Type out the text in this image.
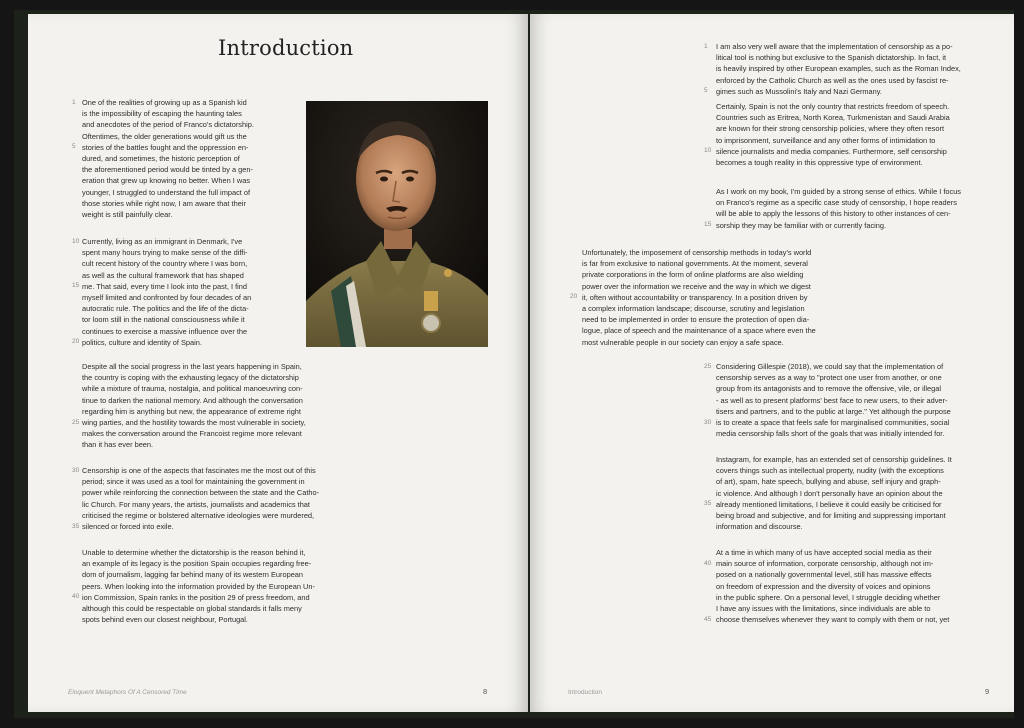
Introduction
One of the realities of growing up as a Spanish kid
is the impossibility of escaping the haunting tales
and anecdotes of the period of Franco's dictatorship.
Oftentimes, the older generations would gift us the
stories of the battles fought and the oppression en-
dured, and sometimes, the historic perception of
the aforementioned period would be tinted by a gen-
eration that grew up knowing no better. When I was
younger, I struggled to understand the full impact of
those stories while right now, I am aware that their
weight is still painfully clear.
Currently, living as an immigrant in Denmark, I've
spent many hours trying to make sense of the diffi-
cult recent history of the country where I was born,
as well as the cultural framework that has shaped
me. That said, every time I look into the past, I find
myself limited and confronted by four decades of an
autocratic rule. The politics and the life of the dicta-
tor loom still in the national consciousness while it
continues to exercise a massive influence over the
politics, culture and identity of Spain.
Despite all the social progress in the last years happening in Spain,
the country is coping with the exhausting legacy of the dictatorship
while a mixture of trauma, nostalgia, and political manoeuvring con-
tinue to darken the national memory. And although the conversation
regarding him is anything but new, the appearance of extreme right
wing parties, and the hostility towards the most vulnerable in society,
makes the conversation around the Francoist regime more relevant
than it has ever been.
Censorship is one of the aspects that fascinates me the most out of this
period; since it was used as a tool for maintaining the government in
power while reinforcing the connection between the state and the Catho-
lic Church. For many years, the artists, journalists and academics that
criticised the regime or bolstered alternative ideologies were murdered,
silenced or forced into exile.
Unable to determine whether the dictatorship is the reason behind it,
an example of its legacy is the position Spain occupies regarding free-
dom of journalism, lagging far behind many of its western European
peers. When looking into the information provided by the European Un-
ion Commission, Spain ranks in the position 29 of press freedom, and
although this could be respectable on global standards it falls meny
spots behind even our closest neighbour, Portugal.
1
5
10
15
20
25
30
35
40
Eloquent Metaphors Of A Censored Time	8
I am also very well aware that the implementation of censorship as a po-
litical tool is nothing but exclusive to the Spanish dictatorship. In fact, it
is heavily inspired by other European examples, such as the Roman Index,
enforced by the Catholic Church as well as the ones used by fascist re-
gimes such as Mussolini's Italy and Nazi Germany.
Certainly, Spain is not the only country that restricts freedom of speech.
Countries such as Eritrea, North Korea, Turkmenistan and Saudi Arabia
are known for their strong censorship policies, where they often resort
to imprisonment, surveillance and any other forms of intimidation to
silence journalists and media companies. Furthermore, self censorship
becomes a tough reality in this oppressive type of environment.
As I work on my book, I'm guided by a strong sense of ethics. While I focus
on Franco's regime as a specific case study of censorship, I hope readers
will be able to apply the lessons of this history to other instances of cen-
sorship they may be familiar with or currently facing.
Unfortunately, the imposement of censorship methods in today's world
is far from exclusive to national governments. At the moment, several
private corporations in the form of online platforms are also wielding
power over the information we receive and the way in which we digest
it, often without accountability or transparency. In a position driven by
a complex information landscape; discourse, scrutiny and legislation
need to be implemented in order to ensure the protection of open dia-
logue, place of speech and the maintenance of a space where even the
most vulnerable people in our society can enjoy a safe space.
Considering Gillespie (2018), we could say that the implementation of
censorship serves as a way to "protect one user from another, or one
group from its antagonists and to remove the offensive, vile, or illegal
- as well as to present platforms' best face to new users, to their adver-
tisers and partners, and to the public at large." Yet although the purpose
is to create a space that feels safe for marginalised communities, social
media censorship falls short of the goals that was initially intended for.
Instagram, for example, has an extended set of censorship guidelines. It
covers things such as intellectual property, nudity (with the exceptions
of art), spam, hate speech, bullying and abuse, self injury and graph-
ic violence. And although I don't personally have an opinion about the
already mentioned limitations, I believe it could easily be criticised for
being broad and subjective, and for limiting and suppressing important
information and discourse.
At a time in which many of us have accepted social media as their
main source of information, corporate censorship, although not im-
posed on a nationally governmental level, still has massive effects
on freedom of expression and the diversity of voices and opinions
in the public sphere. On a personal level, I struggle deciding whether
I have any issues with the limitations, since individuals are able to
choose themselves whenever they want to comply with them or not, yet
1
5
10
15
20
25
30
35
40
45
Introduction	9
